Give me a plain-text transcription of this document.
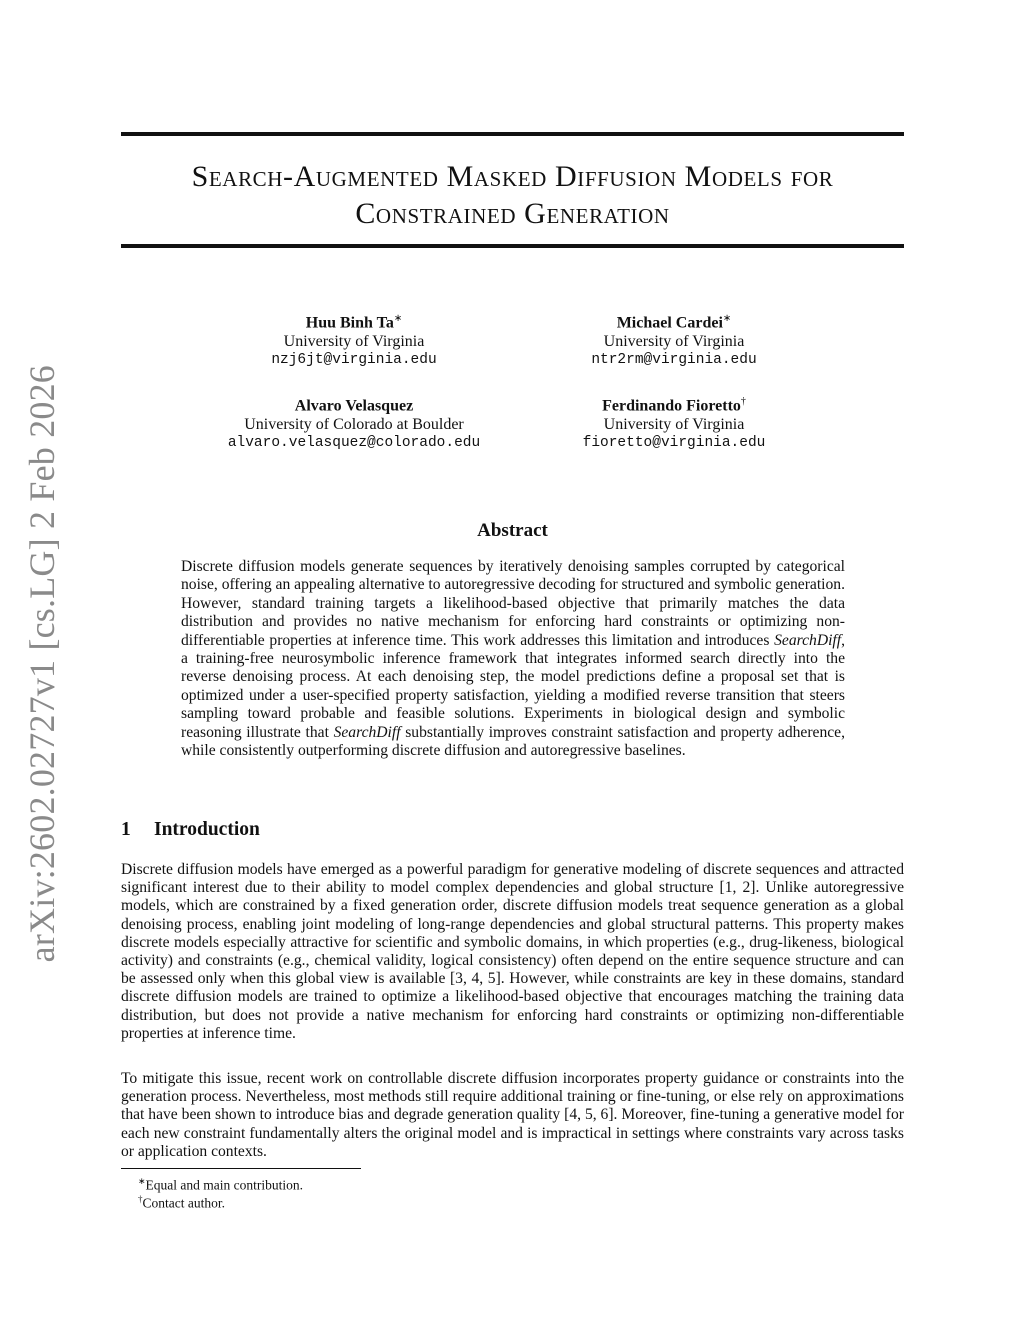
arXiv:2602.02727v1 [cs.LG] 2 Feb 2026
Search-Augmented Masked Diffusion Models for
Constrained Generation
Huu Binh Ta∗
University of Virginia
nzj6jt@virginia.edu
Michael Cardei∗
University of Virginia
ntr2rm@virginia.edu
Alvaro Velasquez
University of Colorado at Boulder
alvaro.velasquez@colorado.edu
Ferdinando Fioretto†
University of Virginia
fioretto@virginia.edu
Abstract

Discrete diffusion models generate sequences by iteratively denoising samples corrupted by categorical noise, offering an appealing alternative to autoregressive decoding for structured and symbolic generation. However, standard training targets a likelihood-based objective that primarily matches the data distribution and provides no native mechanism for enforcing hard constraints or optimizing non-differentiable properties at inference time. This work addresses this limitation and introduces SearchDiff, a training-free neurosymbolic inference framework that integrates informed search directly into the reverse denoising process. At each denoising step, the model predictions define a proposal set that is optimized under a user-specified property satisfaction, yielding a modified reverse transition that steers sampling toward probable and feasible solutions. Experiments in biological design and symbolic reasoning illustrate that SearchDiff substantially improves constraint satisfaction and property adherence, while consistently outperforming discrete diffusion and autoregressive baselines.

1 Introduction

Discrete diffusion models have emerged as a powerful paradigm for generative modeling of discrete sequences and attracted significant interest due to their ability to model complex dependencies and global structure [1, 2]. Unlike autoregressive models, which are constrained by a fixed generation order, discrete diffusion models treat sequence generation as a global denoising process, enabling joint modeling of long-range dependencies and global structural patterns. This property makes discrete models especially attractive for scientific and symbolic domains, in which properties (e.g., drug-likeness, biological activity) and constraints (e.g., chemical validity, logical consistency) often depend on the entire sequence structure and can be assessed only when this global view is available [3, 4, 5]. However, while constraints are key in these domains, standard discrete diffusion models are trained to optimize a likelihood-based objective that encourages matching the training data distribution, but does not provide a native mechanism for enforcing hard constraints or optimizing non-differentiable properties at inference time.

To mitigate this issue, recent work on controllable discrete diffusion incorporates property guidance or constraints into the generation process. Nevertheless, most methods still require additional training or fine-tuning, or else rely on approximations that have been shown to introduce bias and degrade generation quality [4, 5, 6]. Moreover, fine-tuning a generative model for each new constraint fundamentally alters the original model and is impractical in settings where constraints vary across tasks or application contexts.

∗Equal and main contribution.

†Contact author.
